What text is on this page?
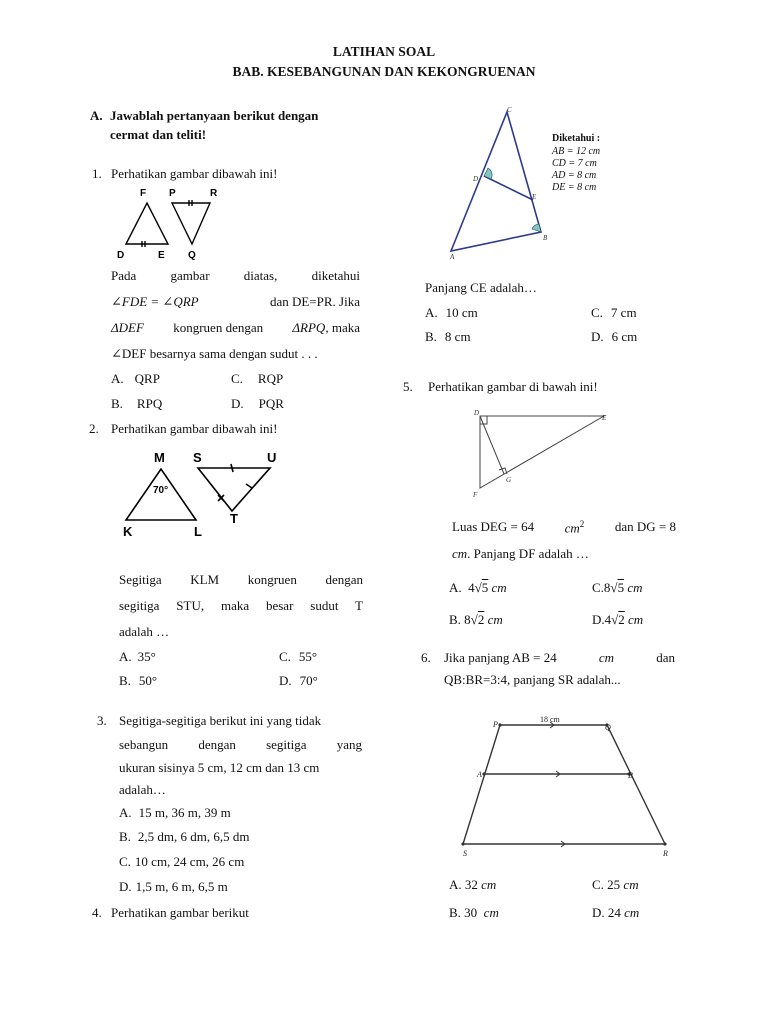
LATIHAN SOAL
BAB. KESEBANGUNAN DAN KEKONGRUENAN
A. Jawablah pertanyaan berikut dengan
cermat dan teliti!
1. Perhatikan gambar dibawah ini!
F P	R
D	E Q
Pada gambar diatas, diketahui
∠FDE = ∠QRP	dan DE=PR. Jika
ΔDEF kongruen dengan ΔRPQ, maka
∠DEF besarnya sama dengan sudut . . .
A. QRP	C. RQP
B. RPQ	D. PQR
2. Perhatikan gambar dibawah ini!
M S	U
70°
K	L
T
Segitiga KLM kongruen dengan
segitiga STU, maka besar sudut T
adalah …
A. 35°	C. 55°
B. 50°	D. 70°
3. Segitiga-segitiga berikut ini yang tidak
sebangun dengan segitiga yang
ukuran sisinya 5 cm, 12 cm dan 13 cm
adalah…
A. 15 m, 36 m, 39 m
B. 2,5 dm, 6 dm, 6,5 dm
C. 10 cm, 24 cm, 26 cm
D. 1,5 m, 6 m, 6,5 m
4. Perhatikan gambar berikut
C
D
E
B
A
Diketahui :
AB = 12 cm
CD = 7 cm
AD = 8 cm
DE = 8 cm
Panjang CE adalah…
A. 10 cm	C. 7 cm
B. 8 cm	D. 6 cm
5. Perhatikan gambar di bawah ini!
D
E
G
F
Luas DEG = 64 $cm^2$ dan DG = 8
cm. Panjang DF adalah …
A. 4√5 cm	C.8√5 cm
B. 8√2 cm	D.4√2 cm
6. Jika panjang AB = 24	cm	dan
QB:BR=3:4, panjang SR adalah...
P
18 cm
Q
A	B
S	R
A. 32 cm	C. 25 cm
B. 30 cm	D. 24 cm
